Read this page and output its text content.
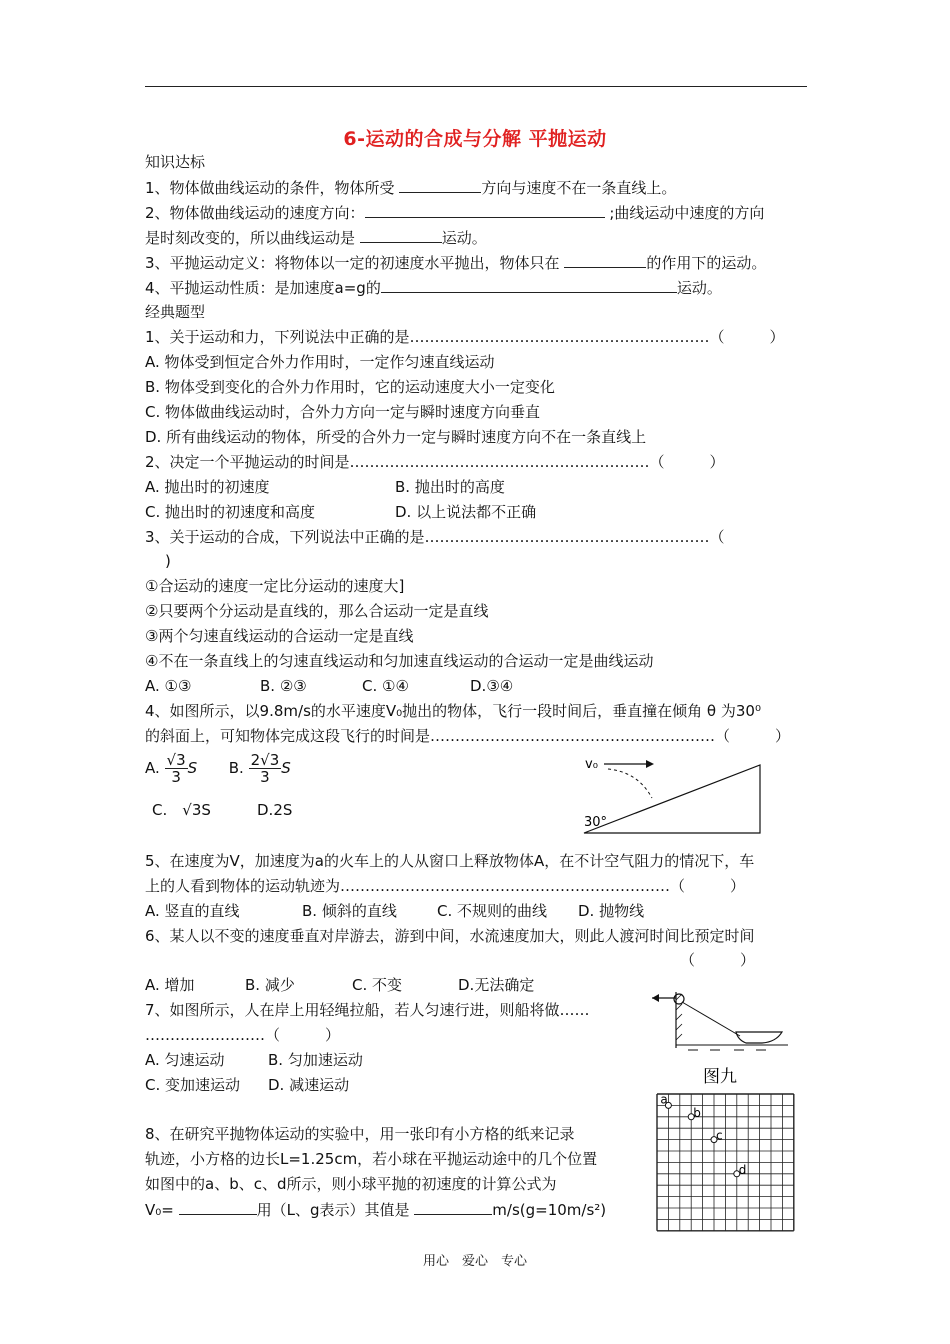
6-运动的合成与分解 平抛运动
知识达标
1、物体做曲线运动的条件，物体所受	方向与速度不在一条直线上。
2、物体做曲线运动的速度方向：	;曲线运动中速度的方向
是时刻改变的，所以曲线运动是	运动。
3、平抛运动定义：将物体以一定的初速度水平抛出，物体只在	的作用下的运动。
4、平抛运动性质：是加速度a=g的	运动。
经典题型
1、关于运动和力，下列说法中正确的是……………………………………………………（　　　）
A. 物体受到恒定合外力作用时，一定作匀速直线运动
B. 物体受到变化的合外力作用时，它的运动速度大小一定变化
C. 物体做曲线运动时，合外力方向一定与瞬时速度方向垂直
D. 所有曲线运动的物体，所受的合外力一定与瞬时速度方向不在一条直线上
2、决定一个平抛运动的时间是……………………………………………………（　　　）
A. 抛出时的初速度	B. 抛出时的高度
C. 抛出时的初速度和高度	D. 以上说法都不正确
3、关于运动的合成，下列说法中正确的是…………………………………………………（
)
①合运动的速度一定比分运动的速度大]
②只要两个分运动是直线的，那么合运动一定是直线
③两个匀速直线运动的合运动一定是直线
④不在一条直线上的匀速直线运动和匀加速直线运动的合运动一定是曲线运动
A. ①③	B. ②③	C. ①④	D.③④
4、如图所示，以9.8m/s的水平速度V₀抛出的物体，飞行一段时间后，垂直撞在倾角 θ 为30⁰
的斜面上，可知物体完成这段飞行的时间是…………………………………………………（　　　）
A. $\frac{√3}{3}$ S B. $\frac{2√3}{3}$ S
C.　 √3S	D.2S
v₀
30°
5、在速度为V，加速度为a的火车上的人从窗口上释放物体A，在不计空气阻力的情况下，车
上的人看到物体的运动轨迹为…………………………………………………………（　　　）
A. 竖直的直线	B. 倾斜的直线	C. 不规则的曲线 D. 抛物线
6、某人以不变的速度垂直对岸游去，游到中间，水流速度加大，则此人渡河时间比预定时间
（　　　）
A. 增加	B. 减少	C. 不变	D.无法确定
7、如图所示，人在岸上用轻绳拉船，若人匀速行进，则船将做……
……………………（　　　）
A. 匀速运动	B. 匀加速运动
C. 变加速运动 D. 减速运动	图九
8、在研究平抛物体运动的实验中，用一张印有小方格的纸来记录
轨迹，小方格的边长L=1.25cm，若小球在平抛运动途中的几个位置
如图中的a、b、c、d所示，则小球平抛的初速度的计算公式为
V₀=	用（L、g表示）其值是	m/s(g=10m/s²)
a
b
c
d
用心　爱心　专心
